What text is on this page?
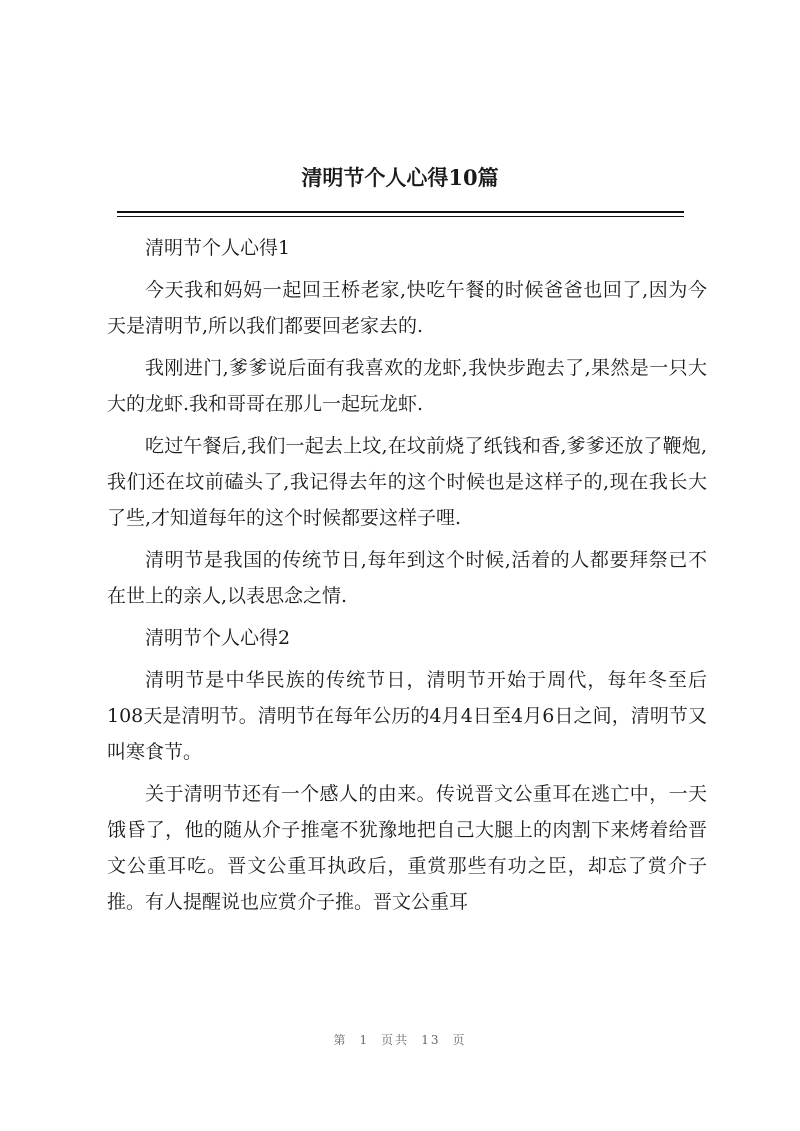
清明节个人心得10篇

清明节个人心得1

今天我和妈妈一起回王桥老家,快吃午餐的时候爸爸也回了,因为今天是清明节,所以我们都要回老家去的.

我刚进门,爹爹说后面有我喜欢的龙虾,我快步跑去了,果然是一只大大的龙虾.我和哥哥在那儿一起玩龙虾.

吃过午餐后,我们一起去上坟,在坟前烧了纸钱和香,爹爹还放了鞭炮,我们还在坟前磕头了,我记得去年的这个时候也是这样子的,现在我长大了些,才知道每年的这个时候都要这样子哩.

清明节是我国的传统节日,每年到这个时候,活着的人都要拜祭已不在世上的亲人,以表思念之情.

清明节个人心得2

清明节是中华民族的传统节日，清明节开始于周代，每年冬至后108天是清明节。清明节在每年公历的4月4日至4月6日之间，清明节又叫寒食节。

关于清明节还有一个感人的由来。传说晋文公重耳在逃亡中，一天饿昏了，他的随从介子推毫不犹豫地把自己大腿上的肉割下来烤着给晋文公重耳吃。晋文公重耳执政后，重赏那些有功之臣，却忘了赏介子推。有人提醒说也应赏介子推。晋文公重耳

第 1 页共 13 页
